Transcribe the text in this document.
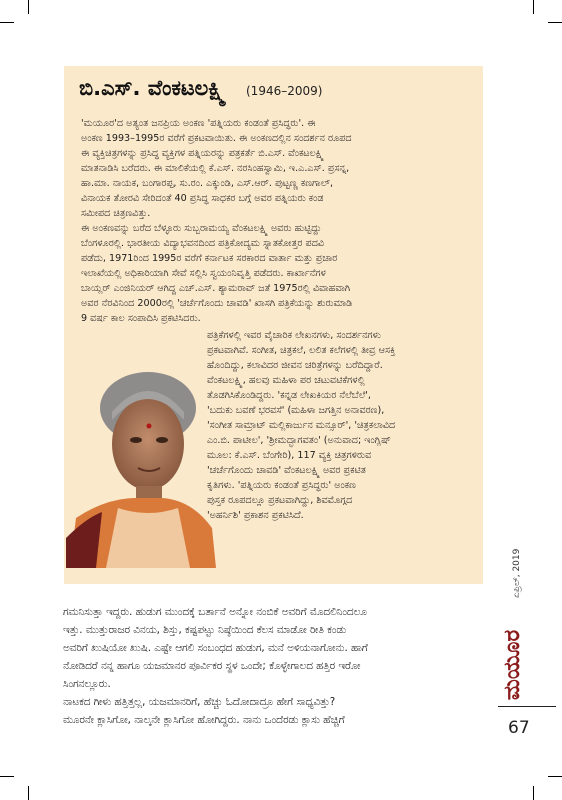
ಬಿ.ಎಸ್. ವೆಂಕಟಲಕ್ಷ್ಮಿ (1946–2009)
'ಮಯೂರ'ದ ಅತ್ಯಂತ ಜನಪ್ರಿಯ ಅಂಕಣ 'ಪತ್ನಿಯರು ಕಂಡಂತೆ ಪ್ರಸಿದ್ಧರು'. ಈ
ಅಂಕಣ 1993–1995ರ ವರೆಗೆ ಪ್ರಕಟವಾಯಿತು. ಈ ಅಂಕಣದಲ್ಲಿನ ಸಂದರ್ಶನ ರೂಪದ
ಈ ವ್ಯಕ್ತಿಚಿತ್ರಗಳನ್ನು ಪ್ರಸಿದ್ಧ ವ್ಯಕ್ತಿಗಳ ಪತ್ನಿಯರನ್ನು ಪತ್ರಕರ್ತೆ ಬಿ.ಎಸ್. ವೆಂಕಟಲಕ್ಷ್ಮಿ
ಮಾತನಾಡಿಸಿ ಬರೆದರು. ಈ ಮಾಲಿಕೆಯಲ್ಲಿ ಕೆ.ಎಸ್. ನರಸಿಂಹಸ್ವಾಮಿ, ಇ.ಎ.ಎಸ್. ಪ್ರಸನ್ನ,
ಹಾ.ಮಾ. ನಾಯಕ, ಬಂಗಾರಪ್ಪ, ಸು.ರಂ. ಎಕ್ಕುಂಡಿ, ಎಸ್.ಆರ್. ಪುಟ್ಟಣ್ಣ ಕಣಗಾಲ್,
ವಿನಾಯಕ ತೋರವಿ ಸೇರಿದಂತೆ 40 ಪ್ರಸಿದ್ಧ ಸಾಧಕರ ಬಗ್ಗೆ ಅವರ ಪತ್ನಿಯರು ಕಂಡ
ಸಮೀಪದ ಚಿತ್ರಣವಿತ್ತು.
ಈ ಅಂಕಣವನ್ನು ಬರೆದ ಬೆಳ್ಳೂರು ಸುಬ್ಬರಾಮಯ್ಯ ವೆಂಕಟಲಕ್ಷ್ಮಿ ಅವರು ಹುಟ್ಟಿದ್ದು
ಬೆಂಗಳೂರಲ್ಲಿ. ಭಾರತೀಯ ವಿದ್ಯಾಭವನದಿಂದ ಪತ್ರಿಕೋದ್ಯಮ ಸ್ನಾತಕೋತ್ತರ ಪದವಿ
ಪಡೆದು, 1971ರಿಂದ 1995ರ ವರೆಗೆ ಕರ್ನಾಟಕ ಸರಕಾರದ ವಾರ್ತಾ ಮತ್ತು ಪ್ರಚಾರ
ಇಲಾಖೆಯಲ್ಲಿ ಅಧಿಕಾರಿಯಾಗಿ ಸೇವೆ ಸಲ್ಲಿಸಿ ಸ್ವಯಂನಿವೃತ್ತಿ ಪಡೆದರು. ಕಾರ್ಖಾನೆಗಳ
ಬಾಯ್ಲರ್ ಎಂಜಿನಿಯರ್ ಆಗಿದ್ದ ಎಚ್.ಎಸ್. ಶ್ಯಾಮರಾವ್ ಜತೆ 1975ರಲ್ಲಿ ವಿವಾಹವಾಗಿ
ಅವರ ನೆರವಿನಿಂದ 2000ರಲ್ಲಿ 'ಚರ್ಚೆಗೊಂದು ಚಾವಡಿ' ಖಾಸಗಿ ಪತ್ರಿಕೆಯನ್ನು ಶುರುಮಾಡಿ
9 ವರ್ಷ ಕಾಲ ಸಂಪಾದಿಸಿ ಪ್ರಕಟಿಸಿದರು.
ಪತ್ರಿಕೆಗಳಲ್ಲಿ ಇವರ ವೈಚಾರಿಕ ಲೇಖನಗಳು, ಸಂದರ್ಶನಗಳು
ಪ್ರಕಟವಾಗಿವೆ. ಸಂಗೀತ, ಚಿತ್ರಕಲೆ, ಲಲಿತ ಕಲೆಗಳಲ್ಲಿ ತೀವ್ರ ಆಸಕ್ತಿ
ಹೊಂದಿದ್ದು, ಕಲಾವಿದರ ಜೀವನ ಚರಿತ್ರೆಗಳನ್ನು ಬರೆದಿದ್ದಾರೆ.
ವೆಂಕಟಲಕ್ಷ್ಮಿ, ಹಲವು ಮಹಿಳಾ ಪರ ಚಟುವಟಿಕೆಗಳಲ್ಲಿ
ತೊಡಗಿಸಿಕೊಂಡಿದ್ದರು. 'ಕನ್ನಡ ಲೇಖಕಿಯರ ನೆಲೆಬೆಲೆ',
'ಬದುಕು ಬವಣೆ ಭರವಸೆ' (ಮಹಿಳಾ ಜಗತ್ತಿನ ಅನಾವರಣ),
'ಸಂಗೀತ ಸಾಮ್ರಾಟ್ ಮಲ್ಲಿಕಾರ್ಜುನ ಮನ್ಸೂರ್', 'ಚಿತ್ರಕಲಾವಿದ
ಎಂ.ಬಿ. ಪಾಟೀಲ', 'ಶ್ರೀಮದ್ಭಾಗವತಂ' (ಅನುವಾದ; ಇಂಗ್ಲಿಷ್
ಮೂಲ: ಕೆ.ಎಸ್. ಬೆಂಗೇರಿ), 117 ವ್ಯಕ್ತಿ ಚಿತ್ರಗಳಿರುವ
'ಚರ್ಚೆಗೊಂದು ಚಾವಡಿ' ವೆಂಕಟಲಕ್ಷ್ಮಿ ಅವರ ಪ್ರಕಟಿತ
ಕೃತಿಗಳು. 'ಪತ್ನಿಯರು ಕಂಡಂತೆ ಪ್ರಸಿದ್ಧರು' ಅಂಕಣ
ಪುಸ್ತಕ ರೂಪದಲ್ಲೂ ಪ್ರಕಟವಾಗಿದ್ದು, ಶಿವಮೊಗ್ಗದ
'ಅಹರ್ನಿಶಿ' ಪ್ರಕಾಶನ ಪ್ರಕಟಿಸಿದೆ.
ಗಮನಿಸುತ್ತಾ ಇದ್ದರು. ಹುಡುಗ ಮುಂದಕ್ಕೆ ಬರ್ತಾನೆ ಅನ್ನೋ ನಂಬಿಕೆ ಅವರಿಗೆ ಮೊದಲಿನಿಂದಲೂ
ಇತ್ತು. ಮುತ್ತುರಾಜರ ವಿನಯ, ಶಿಸ್ತು, ಕಷ್ಟಪಟ್ಟು ನಿಷ್ಠೆಯಿಂದ ಕೆಲಸ ಮಾಡೋ ರೀತಿ ಕಂಡು
ಅವರಿಗೆ ಖುಷಿಯೋ ಖುಷಿ. ಎಷ್ಟೇ ಆಗಲಿ ಸಂಬಂಧದ ಹುಡುಗ, ಮನೆ ಅಳಿಯನಾಗೋನು. ಹಾಗೆ
ನೋಡಿದರೆ ನನ್ನ ಹಾಗೂ ಯಜಮಾನರ ಪೂರ್ವಿಕರ ಸ್ಥಳ ಒಂದೇ; ಕೊಳ್ಳೇಗಾಲದ ಹತ್ತಿರ ಇರೋ
ಸಿಂಗನಲ್ಲೂರು.
ನಾಟಕದ ಗೀಳು ಹತ್ತಿತ್ತಲ್ಲ, ಯಜಮಾನರಿಗೆ, ಹೆಚ್ಚು ಓದೋದಾದ್ರೂ ಹೇಗೆ ಸಾಧ್ಯವಿತ್ತು?
ಮೂರನೇ ಕ್ಲಾಸಿಗೋ, ನಾಲ್ಕನೇ ಕ್ಲಾಸಿಗೋ ಹೋಗಿದ್ದರು. ನಾನು ಒಂದೆರಡು ಕ್ಲಾಸು ಹೆಚ್ಚಿಗೆ
ಏಪ್ರಿಲ್, 2019
ಮಯೂರ
67
